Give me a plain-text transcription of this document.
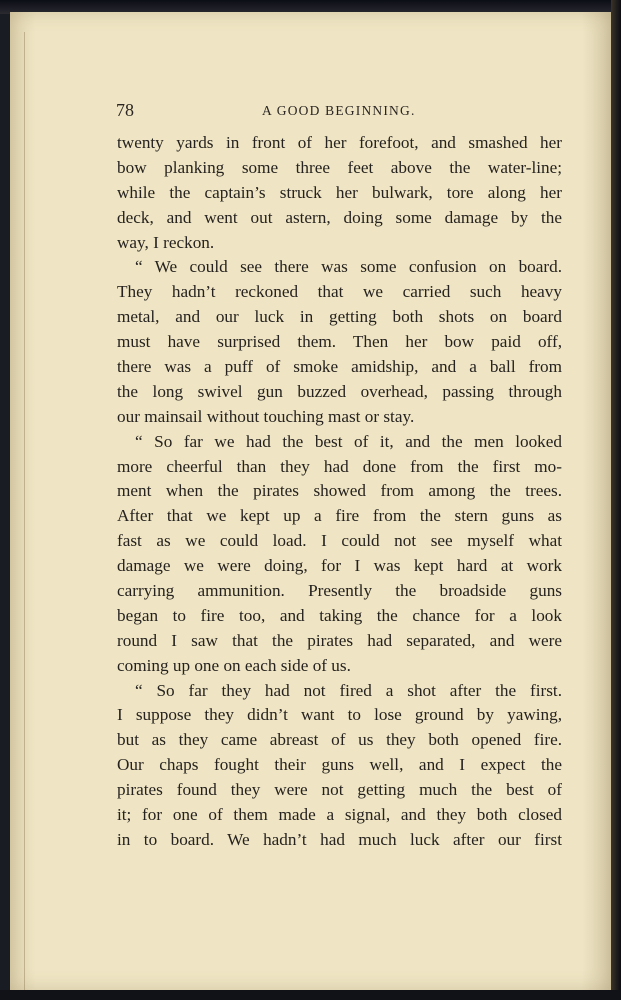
78	A GOOD BEGINNING.
twenty yards in front of her forefoot, and smashed her
bow planking some three feet above the water-line;
while the captain’s struck her bulwark, tore along her
deck, and went out astern, doing some damage by the
way, I reckon.
“ We could see there was some confusion on board.
They hadn’t reckoned that we carried such heavy
metal, and our luck in getting both shots on board
must have surprised them. Then her bow paid off,
there was a puff of smoke amidship, and a ball from
the long swivel gun buzzed overhead, passing through
our mainsail without touching mast or stay.
“ So far we had the best of it, and the men looked
more cheerful than they had done from the first mo-
ment when the pirates showed from among the trees.
After that we kept up a fire from the stern guns as
fast as we could load. I could not see myself what
damage we were doing, for I was kept hard at work
carrying ammunition. Presently the broadside guns
began to fire too, and taking the chance for a look
round I saw that the pirates had separated, and were
coming up one on each side of us.
“ So far they had not fired a shot after the first.
I suppose they didn’t want to lose ground by yawing,
but as they came abreast of us they both opened fire.
Our chaps fought their guns well, and I expect the
pirates found they were not getting much the best of
it; for one of them made a signal, and they both closed
in to board. We hadn’t had much luck after our first
